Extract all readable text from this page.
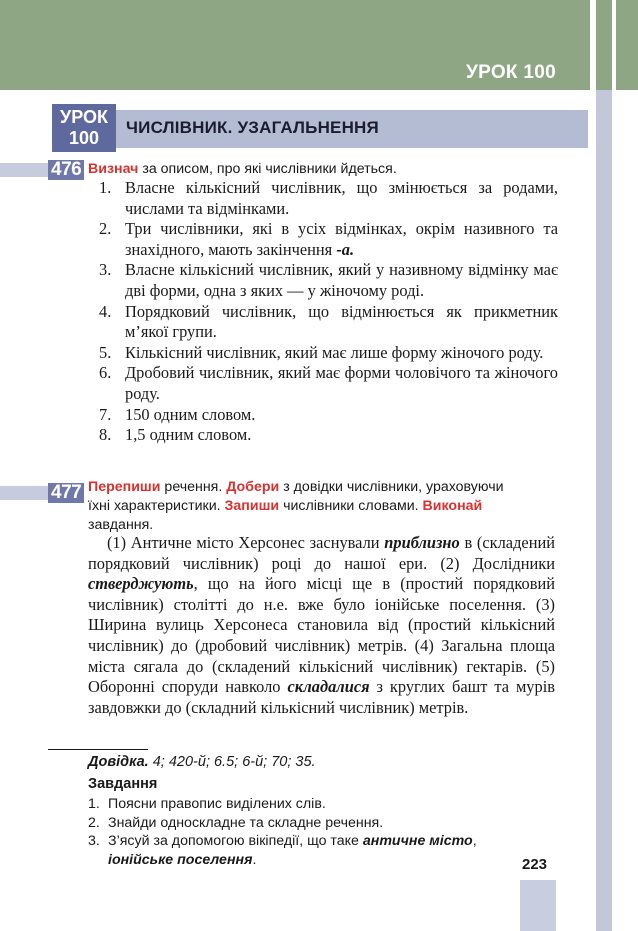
УРОК 100
УРОК
100
ЧИСЛІВНИК. УЗАГАЛЬНЕННЯ
476 Визнач за описом, про які числівники йдеться.
1. Власне кількісний числівник, що змінюється за родами, числами та відмінками.
2. Три числівники, які в усіх відмінках, окрім називного та знахідного, мають закінчення -а.
3. Власне кількісний числівник, який у називному відмінку має дві форми, одна з яких — у жіночому роді.
4. Порядковий числівник, що відмінюється як прикметник м’якої групи.
5. Кількісний числівник, який має лише форму жіночого роду.
6. Дробовий числівник, який має форми чоловічого та жіночого роду.
7. 150 одним словом.
8. 1,5 одним словом.
477 Перепиши речення. Добери з довідки числівники, ураховуючи їхні характеристики. Запиши числівники словами. Виконай завдання.

(1) Античне місто Херсонес заснували приблизно в (складений порядковий числівник) році до нашої ери. (2) Дослідники стверджують, що на його місці ще в (простий порядковий числівник) столітті до н.е. вже було іонійське поселення. (3) Ширина вулиць Херсонеса становила від (простий кількісний числівник) до (дробовий числівник) метрів. (4) Загальна площа міста сягала до (складений кількісний числівник) гектарів. (5) Оборонні споруди навколо складалися з круглих башт та мурів завдовжки до (складний кількісний числівник) метрів.

Довідка. 4; 420-й; 6.5; 6-й; 70; 35.
Завдання
1. Поясни правопис виділених слів.
2. Знайди односкладне та складне речення.
3. З’ясуй за допомогою вікіпедії, що таке античне місто,
іонійське поселення.	223
